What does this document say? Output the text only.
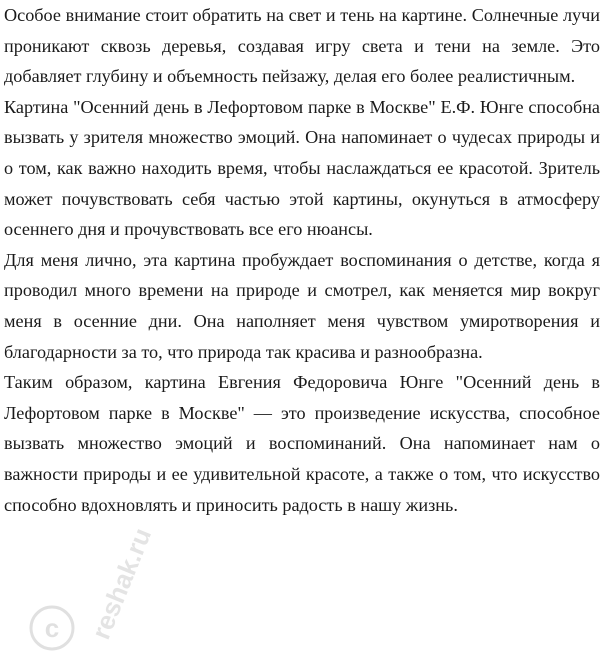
Особое внимание стоит обратить на свет и тень на картине. Солнечные лучи проникают сквозь деревья, создавая игру света и тени на земле. Это добавляет глубину и объемность пейзажу, делая его более реалистичным.

Картина "Осенний день в Лефортовом парке в Москве" Е.Ф. Юнге способна вызвать у зрителя множество эмоций. Она напоминает о чудесах природы и о том, как важно находить время, чтобы наслаждаться ее красотой. Зритель может почувствовать себя частью этой картины, окунуться в атмосферу осеннего дня и прочувствовать все его нюансы.

Для меня лично, эта картина пробуждает воспоминания о детстве, когда я проводил много времени на природе и смотрел, как меняется мир вокруг меня в осенние дни. Она наполняет меня чувством умиротворения и благодарности за то, что природа так красива и разнообразна.

Таким образом, картина Евгения Федоровича Юнге "Осенний день в Лефортовом парке в Москве" — это произведение искусства, способное вызвать множество эмоций и воспоминаний. Она напоминает нам о важности природы и ее удивительной красоте, а также о том, что искусство способно вдохновлять и приносить радость в нашу жизнь.

reshak.ru
c
